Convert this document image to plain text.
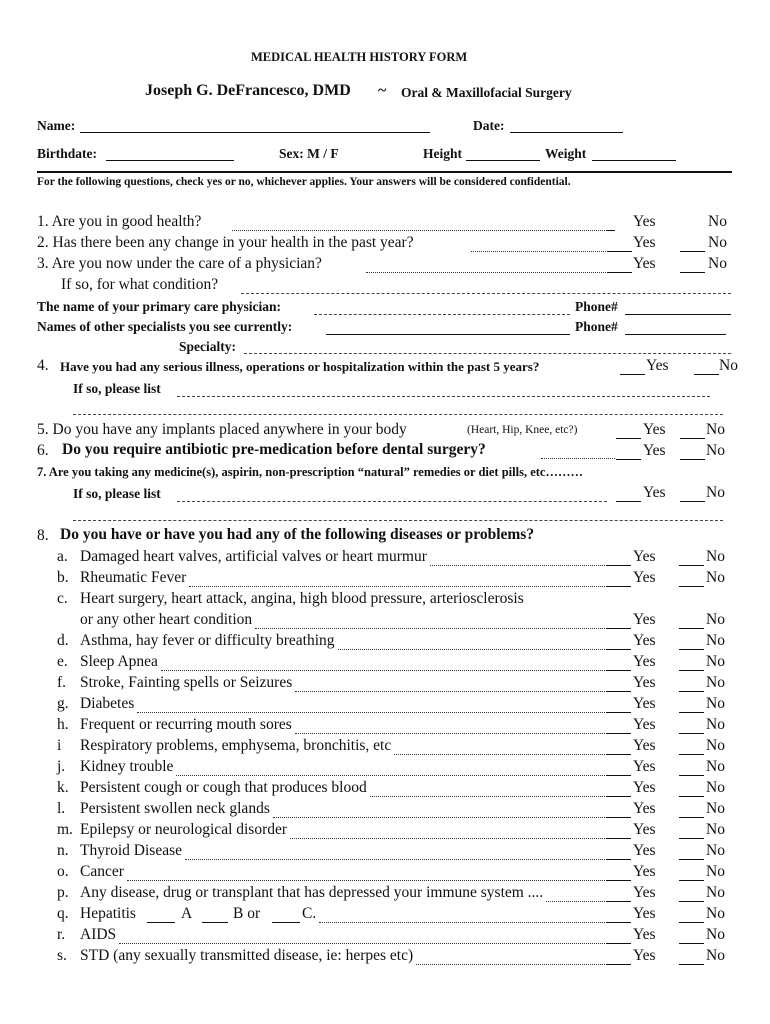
MEDICAL HEALTH HISTORY FORM
Joseph G. DeFrancesco, DMD ~ Oral & Maxillofacial Surgery
Name:	Date:
Birthdate:	Sex: M / F	Height	Weight
For the following questions, check yes or no, whichever applies. Your answers will be considered confidential.
1. Are you in good health?	Yes	No
2. Has there been any change in your health in the past year?	Yes	No
3. Are you now under the care of a physician?	Yes	No
If so, for what condition?
The name of your primary care physician:	Phone#
Names of other specialists you see currently:	Phone#
Specialty:
4. Have you had any serious illness, operations or hospitalization within the past 5 years?	Yes	No
If so, please list
5. Do you have any implants placed anywhere in your body	(Heart, Hip, Knee, etc?)	Yes	No
6. Do you require antibiotic pre-medication before dental surgery?	Yes	No
7. Are you taking any medicine(s), aspirin, non-prescription “natural” remedies or diet pills, etc………
If so, please list	Yes	No
8. Do you have or have you had any of the following diseases or problems?
a. Damaged heart valves, artificial valves or heart murmur	Yes	No
b. Rheumatic Fever	Yes	No
c. Heart surgery, heart attack, angina, high blood pressure, arteriosclerosis
or any other heart condition	Yes	No
d. Asthma, hay fever or difficulty breathing	Yes	No
e. Sleep Apnea	Yes	No
f. Stroke, Fainting spells or Seizures	Yes	No
g. Diabetes	Yes	No
h. Frequent or recurring mouth sores	Yes	No
i Respiratory problems, emphysema, bronchitis, etc	Yes	No
j. Kidney trouble	Yes	No
k. Persistent cough or cough that produces blood	Yes	No
l. Persistent swollen neck glands	Yes	No
m. Epilepsy or neurological disorder	Yes	No
n. Thyroid Disease	Yes	No
o. Cancer	Yes	No
p. Any disease, drug or transplant that has depressed your immune system ....	Yes	No
q. Hepatitis	A	B or	C.	Yes	No
r. AIDS	Yes	No
s. STD (any sexually transmitted disease, ie: herpes etc)	Yes	No
